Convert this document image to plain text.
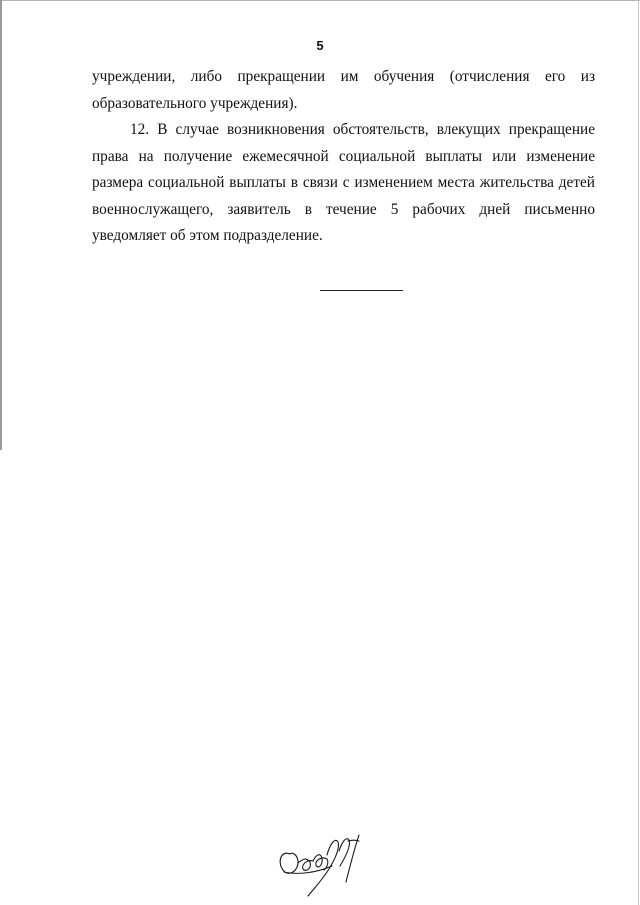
5

учреждении, либо прекращении им обучения (отчисления его из

образовательного учреждения).

12. В случае возникновения обстоятельств, влекущих прекращение

права на получение ежемесячной социальной выплаты или изменение

размера социальной выплаты в связи с изменением места жительства детей

военнослужащего, заявитель в течение 5 рабочих дней письменно

уведомляет об этом подразделение.
